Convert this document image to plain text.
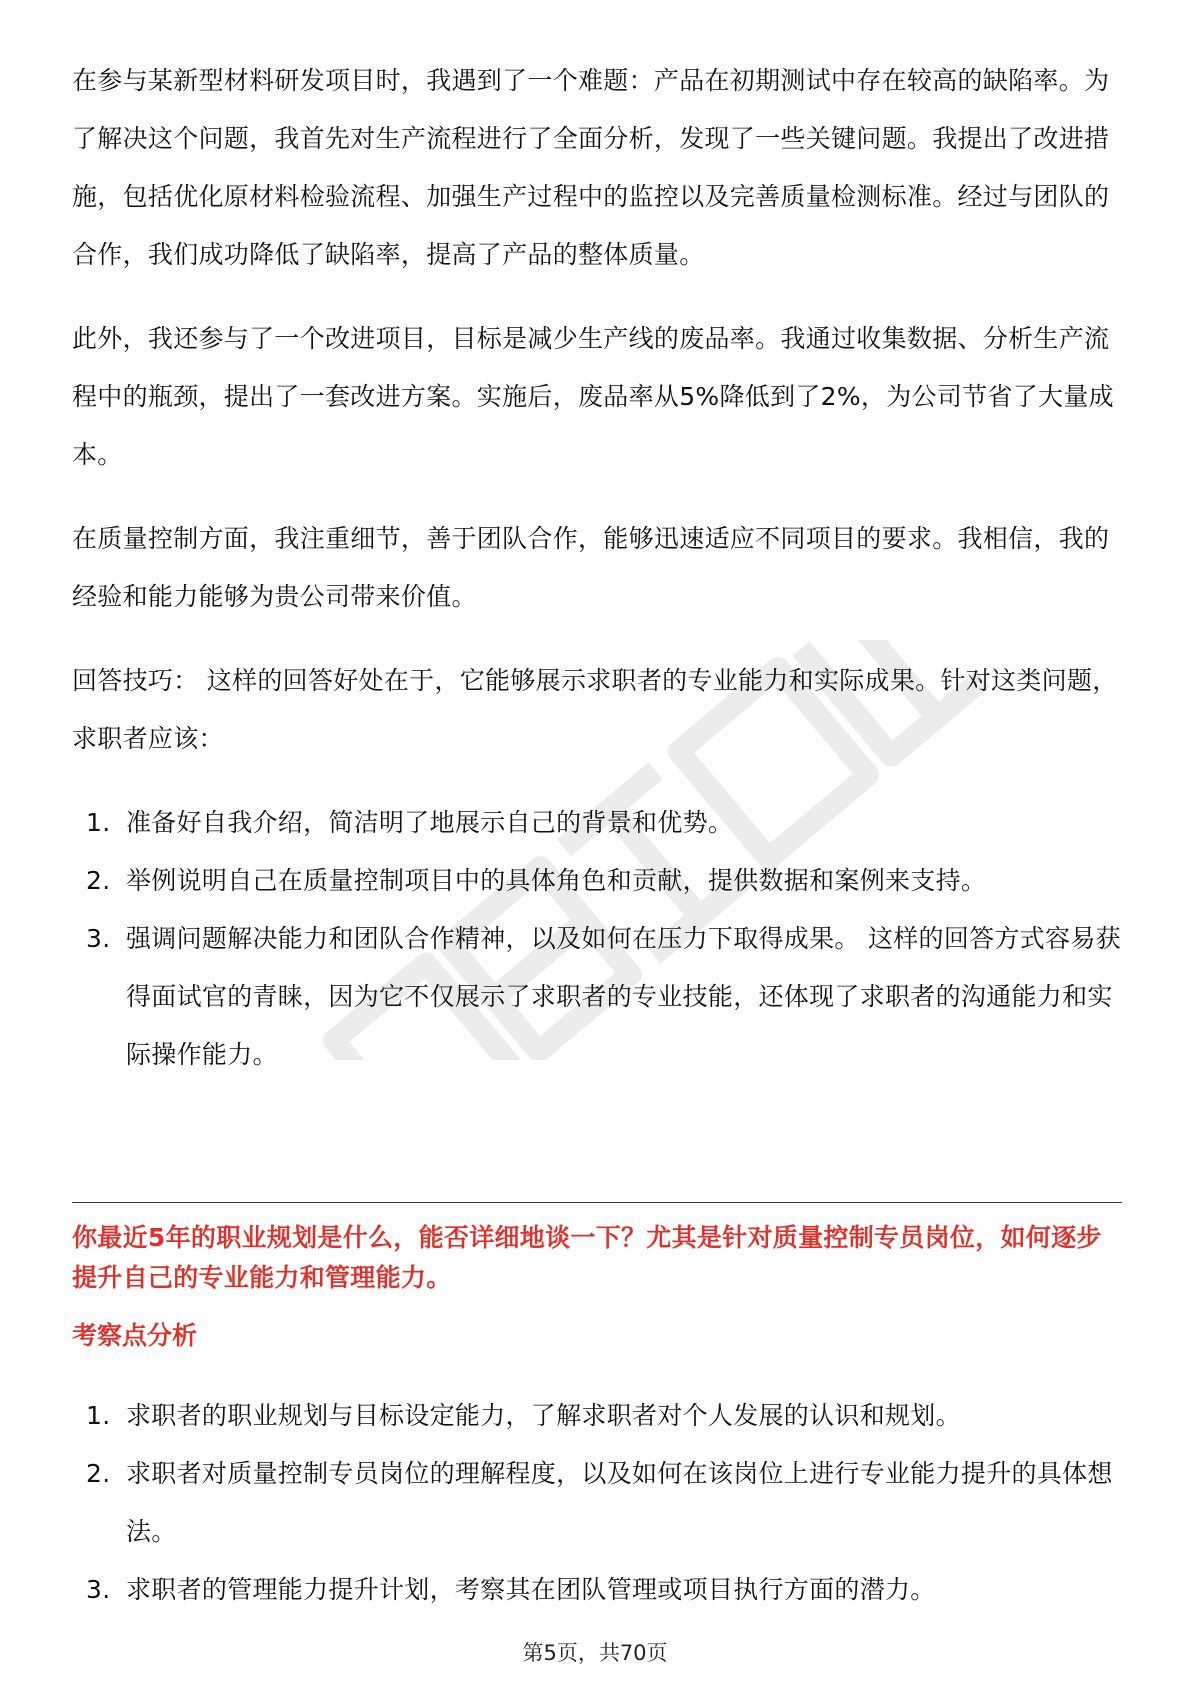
在参与某新型材料研发项目时，我遇到了一个难题：产品在初期测试中存在较高的缺陷率。为了解决这个问题，我首先对生产流程进行了全面分析，发现了一些关键问题。我提出了改进措施，包括优化原材料检验流程、加强生产过程中的监控以及完善质量检测标准。经过与团队的合作，我们成功降低了缺陷率，提高了产品的整体质量。

此外，我还参与了一个改进项目，目标是减少生产线的废品率。我通过收集数据、分析生产流程中的瓶颈，提出了一套改进方案。实施后，废品率从5%降低到了2%，为公司节省了大量成本。

在质量控制方面，我注重细节，善于团队合作，能够迅速适应不同项目的要求。我相信，我的经验和能力能够为贵公司带来价值。

回答技巧： 这样的回答好处在于，它能够展示求职者的专业能力和实际成果。针对这类问题，求职者应该：

1. 准备好自我介绍，简洁明了地展示自己的背景和优势。
2. 举例说明自己在质量控制项目中的具体角色和贡献，提供数据和案例来支持。
3. 强调问题解决能力和团队合作精神，以及如何在压力下取得成果。 这样的回答方式容易获得面试官的青睐，因为它不仅展示了求职者的专业技能，还体现了求职者的沟通能力和实际操作能力。
你最近5年的职业规划是什么，能否详细地谈一下？尤其是针对质量控制专员岗位，如何逐步提升自己的专业能力和管理能力。
考察点分析
1. 求职者的职业规划与目标设定能力，了解求职者对个人发展的认识和规划。
2. 求职者对质量控制专员岗位的理解程度，以及如何在该岗位上进行专业能力提升的具体想法。
3. 求职者的管理能力提升计划，考察其在团队管理或项目执行方面的潜力。
第5页，共70页
